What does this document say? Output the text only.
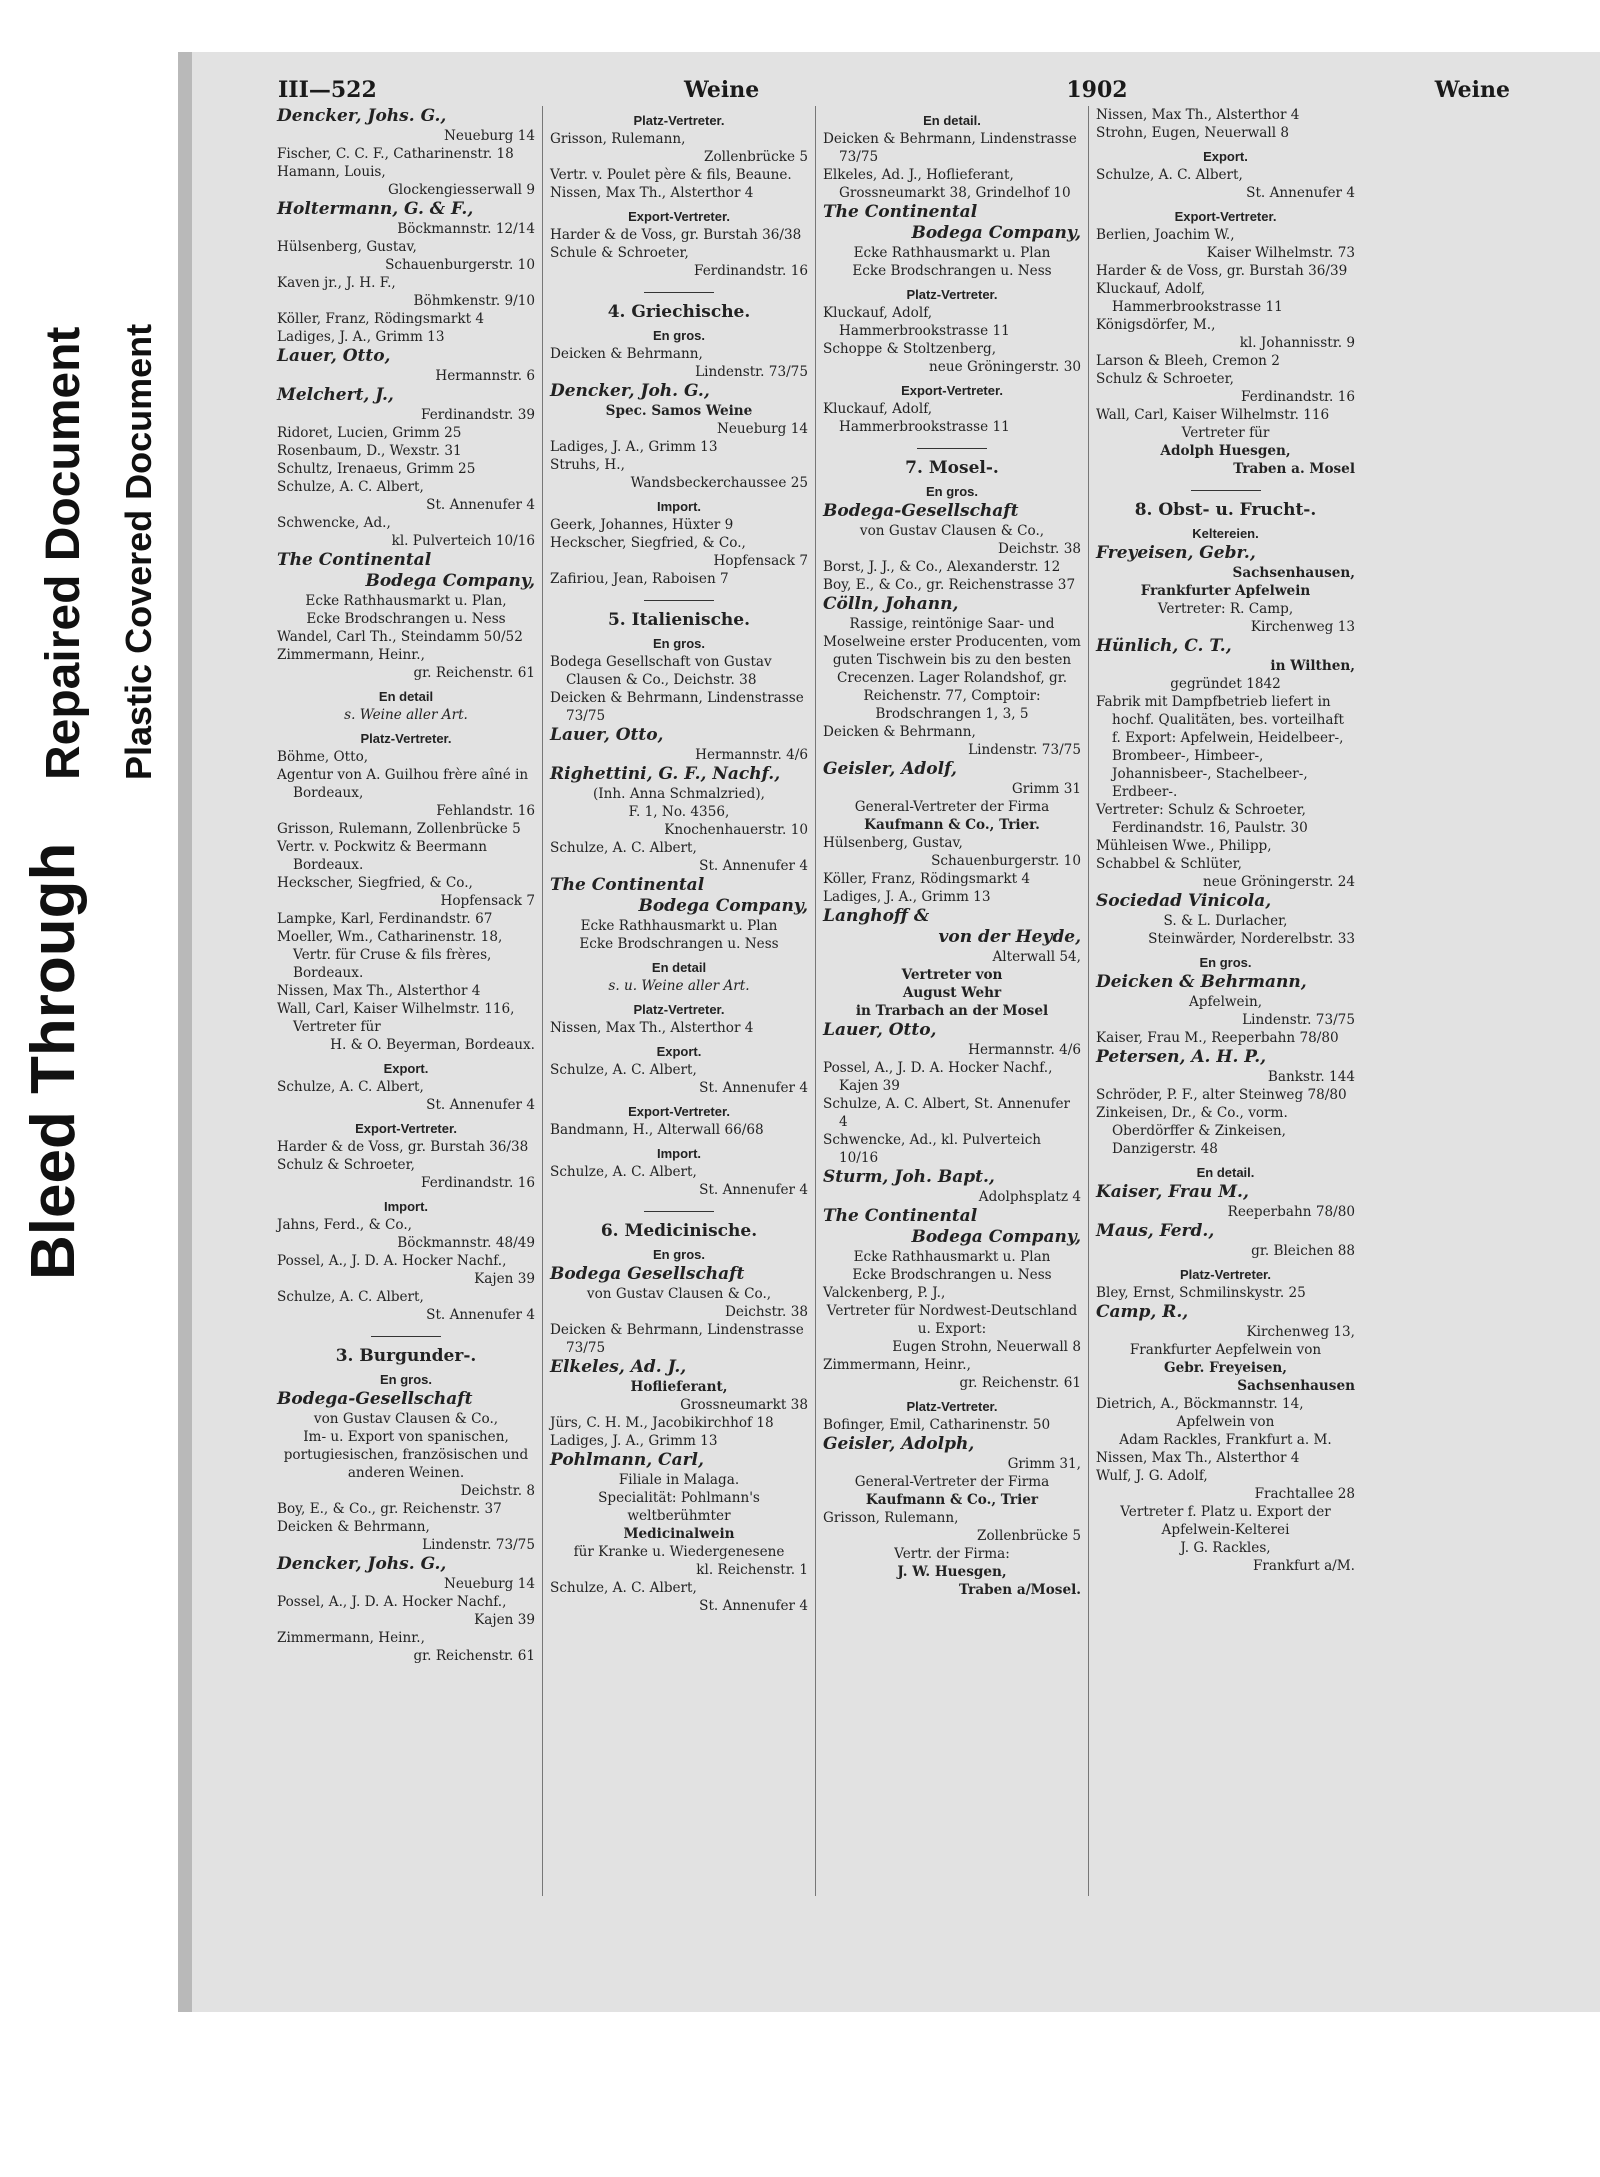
Bleed Through
Repaired Document Plastic Covered Document
III—522	Weine	1902	Weine

Dencker, Johs. G.,

Neueburg 14

Fischer, C. C. F., Catharinenstr. 18

Hamann, Louis,

Glockengiesserwall 9

Holtermann, G. & F.,

Böckmannstr. 12/14

Hülsenberg, Gustav,

Schauenburgerstr. 10

Kaven jr., J. H. F.,

Böhmkenstr. 9/10

Köller, Franz, Rödingsmarkt 4

Ladiges, J. A., Grimm 13

Lauer, Otto,

Hermannstr. 6

Melchert, J.,

Ferdinandstr. 39

Ridoret, Lucien, Grimm 25

Rosenbaum, D., Wexstr. 31

Schultz, Irenaeus, Grimm 25

Schulze, A. C. Albert,

St. Annenufer 4

Schwencke, Ad.,

kl. Pulverteich 10/16

The Continental

Bodega Company,

Ecke Rathhausmarkt u. Plan,

Ecke Brodschrangen u. Ness

Wandel, Carl Th., Steindamm 50/52

Zimmermann, Heinr.,

gr. Reichenstr. 61

En detail

s. Weine aller Art.

Platz-Vertreter.

Böhme, Otto,

Agentur von A. Guilhou frère aîné in Bordeaux,

Fehlandstr. 16

Grisson, Rulemann, Zollenbrücke 5

Vertr. v. Pockwitz & Beermann Bordeaux.

Heckscher, Siegfried, & Co.,

Hopfensack 7

Lampke, Karl, Ferdinandstr. 67

Moeller, Wm., Catharinenstr. 18, Vertr. für Cruse & fils frères, Bordeaux.

Nissen, Max Th., Alsterthor 4

Wall, Carl, Kaiser Wilhelmstr. 116, Vertreter für

H. & O. Beyerman, Bordeaux.

Export.

Schulze, A. C. Albert,

St. Annenufer 4

Export-Vertreter.

Harder & de Voss, gr. Burstah 36/38

Schulz & Schroeter,

Ferdinandstr. 16

Import.

Jahns, Ferd., & Co.,

Böckmannstr. 48/49

Possel, A., J. D. A. Hocker Nachf.,

Kajen 39

Schulze, A. C. Albert,

St. Annenufer 4

3. Burgunder-.

En gros.

Bodega-Gesellschaft

von Gustav Clausen & Co.,

Im- u. Export von spanischen, portugiesischen, französischen und anderen Weinen.

Deichstr. 8

Boy, E., & Co., gr. Reichenstr. 37

Deicken & Behrmann,

Lindenstr. 73/75

Dencker, Johs. G.,

Neueburg 14

Possel, A., J. D. A. Hocker Nachf.,

Kajen 39

Zimmermann, Heinr.,

gr. Reichenstr. 61

Platz-Vertreter.

Grisson, Rulemann,

Zollenbrücke 5

Vertr. v. Poulet père & fils, Beaune.

Nissen, Max Th., Alsterthor 4

Export-Vertreter.

Harder & de Voss, gr. Burstah 36/38

Schule & Schroeter,

Ferdinandstr. 16

4. Griechische.

En gros.

Deicken & Behrmann,

Lindenstr. 73/75

Dencker, Joh. G.,

Spec. Samos Weine

Neueburg 14

Ladiges, J. A., Grimm 13

Struhs, H.,

Wandsbeckerchaussee 25

Import.

Geerk, Johannes, Hüxter 9

Heckscher, Siegfried, & Co.,

Hopfensack 7

Zafiriou, Jean, Raboisen 7

5. Italienische.

En gros.

Bodega Gesellschaft von Gustav Clausen & Co., Deichstr. 38

Deicken & Behrmann, Lindenstrasse 73/75

Lauer, Otto,

Hermannstr. 4/6

Righettini, G. F., Nachf.,

(Inh. Anna Schmalzried),

F. 1, No. 4356,

Knochenhauerstr. 10

Schulze, A. C. Albert,

St. Annenufer 4

The Continental

Bodega Company,

Ecke Rathhausmarkt u. Plan

Ecke Brodschrangen u. Ness

En detail

s. u. Weine aller Art.

Platz-Vertreter.

Nissen, Max Th., Alsterthor 4

Export.

Schulze, A. C. Albert,

St. Annenufer 4

Export-Vertreter.

Bandmann, H., Alterwall 66/68

Import.

Schulze, A. C. Albert,

St. Annenufer 4

6. Medicinische.

En gros.

Bodega Gesellschaft

von Gustav Clausen & Co.,

Deichstr. 38

Deicken & Behrmann, Lindenstrasse 73/75

Elkeles, Ad. J.,

Hoflieferant,

Grossneumarkt 38

Jürs, C. H. M., Jacobikirchhof 18

Ladiges, J. A., Grimm 13

Pohlmann, Carl,

Filiale in Malaga.

Specialität: Pohlmann's

weltberühmter

Medicinalwein

für Kranke u. Wiedergenesene

kl. Reichenstr. 1

Schulze, A. C. Albert,

St. Annenufer 4

En detail.

Deicken & Behrmann, Lindenstrasse 73/75

Elkeles, Ad. J., Hoflieferant, Grossneumarkt 38, Grindelhof 10

The Continental

Bodega Company,

Ecke Rathhausmarkt u. Plan

Ecke Brodschrangen u. Ness

Platz-Vertreter.

Kluckauf, Adolf, Hammerbrookstrasse 11

Schoppe & Stoltzenberg,

neue Gröningerstr. 30

Export-Vertreter.

Kluckauf, Adolf, Hammerbrookstrasse 11

7. Mosel-.

En gros.

Bodega-Gesellschaft

von Gustav Clausen & Co.,

Deichstr. 38

Borst, J. J., & Co., Alexanderstr. 12

Boy, E., & Co., gr. Reichenstrasse 37

Cölln, Johann,

Rassige, reintönige Saar- und Moselweine erster Producenten, vom guten Tischwein bis zu den besten Crecenzen. Lager Rolandshof, gr. Reichenstr. 77, Comptoir: Brodschrangen 1, 3, 5

Deicken & Behrmann,

Lindenstr. 73/75

Geisler, Adolf,

Grimm 31

General-Vertreter der Firma

Kaufmann & Co., Trier.

Hülsenberg, Gustav,

Schauenburgerstr. 10

Köller, Franz, Rödingsmarkt 4

Ladiges, J. A., Grimm 13

Langhoff &

von der Heyde,

Alterwall 54,

Vertreter von

August Wehr

in Trarbach an der Mosel

Lauer, Otto,

Hermannstr. 4/6

Possel, A., J. D. A. Hocker Nachf., Kajen 39

Schulze, A. C. Albert, St. Annenufer 4

Schwencke, Ad., kl. Pulverteich 10/16

Sturm, Joh. Bapt.,

Adolphsplatz 4

The Continental

Bodega Company,

Ecke Rathhausmarkt u. Plan

Ecke Brodschrangen u. Ness

Valckenberg, P. J.,

Vertreter für Nordwest-Deutschland u. Export:

Eugen Strohn, Neuerwall 8

Zimmermann, Heinr.,

gr. Reichenstr. 61

Platz-Vertreter.

Bofinger, Emil, Catharinenstr. 50

Geisler, Adolph,

Grimm 31,

General-Vertreter der Firma

Kaufmann & Co., Trier

Grisson, Rulemann,

Zollenbrücke 5

Vertr. der Firma:

J. W. Huesgen,

Traben a/Mosel.

Nissen, Max Th., Alsterthor 4

Strohn, Eugen, Neuerwall 8

Export.

Schulze, A. C. Albert,

St. Annenufer 4

Export-Vertreter.

Berlien, Joachim W.,

Kaiser Wilhelmstr. 73

Harder & de Voss, gr. Burstah 36/39

Kluckauf, Adolf, Hammerbrookstrasse 11

Königsdörfer, M.,

kl. Johannisstr. 9

Larson & Bleeh, Cremon 2

Schulz & Schroeter,

Ferdinandstr. 16

Wall, Carl, Kaiser Wilhelmstr. 116

Vertreter für

Adolph Huesgen,

Traben a. Mosel

8. Obst- u. Frucht-.

Keltereien.

Freyeisen, Gebr.,

Sachsenhausen,

Frankfurter Apfelwein

Vertreter: R. Camp,

Kirchenweg 13

Hünlich, C. T.,

in Wilthen,

gegründet 1842

Fabrik mit Dampfbetrieb liefert in hochf. Qualitäten, bes. vorteilhaft f. Export: Apfelwein, Heidelbeer-, Brombeer-, Himbeer-, Johannisbeer-, Stachelbeer-, Erdbeer-.

Vertreter: Schulz & Schroeter, Ferdinandstr. 16, Paulstr. 30

Mühleisen Wwe., Philipp,

Schabbel & Schlüter,

neue Gröningerstr. 24

Sociedad Vinicola,

S. & L. Durlacher,

Steinwärder, Norderelbstr. 33

En gros.

Deicken & Behrmann,

Apfelwein,

Lindenstr. 73/75

Kaiser, Frau M., Reeperbahn 78/80

Petersen, A. H. P.,

Bankstr. 144

Schröder, P. F., alter Steinweg 78/80

Zinkeisen, Dr., & Co., vorm. Oberdörffer & Zinkeisen, Danzigerstr. 48

En detail.

Kaiser, Frau M.,

Reeperbahn 78/80

Maus, Ferd.,

gr. Bleichen 88

Platz-Vertreter.

Bley, Ernst, Schmilinskystr. 25

Camp, R.,

Kirchenweg 13,

Frankfurter Aepfelwein von

Gebr. Freyeisen,

Sachsenhausen

Dietrich, A., Böckmannstr. 14,

Apfelwein von

Adam Rackles, Frankfurt a. M.

Nissen, Max Th., Alsterthor 4

Wulf, J. G. Adolf,

Frachtallee 28

Vertreter f. Platz u. Export der Apfelwein-Kelterei

J. G. Rackles,

Frankfurt a/M.
